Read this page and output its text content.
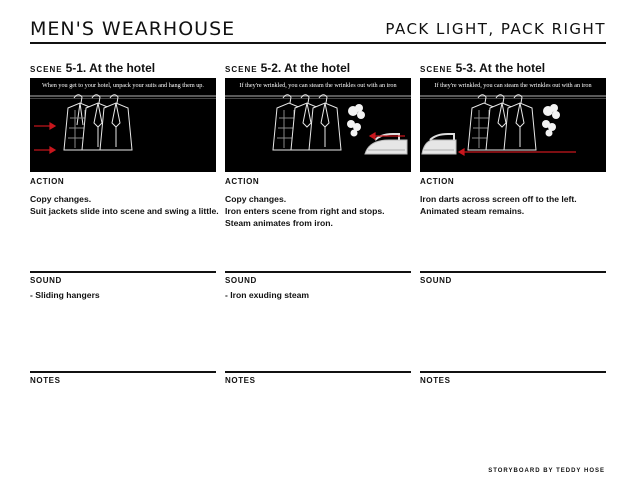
MEN'S WEARHOUSE	PACK LIGHT, PACK RIGHT
SCENE 5-1. At the hotel
When you get to your hotel, unpack your suits and hang them up.
ACTION
Copy changes.
Suit jackets slide into scene and swing a little.
SOUND
- Sliding hangers
NOTES
SCENE 5-2. At the hotel
If they're wrinkled, you can steam the wrinkles out with an iron
ACTION
Copy changes.
Iron enters scene from right and stops.
Steam animates from iron.
SOUND
- Iron exuding steam
NOTES
SCENE 5-3. At the hotel
If they're wrinkled, you can steam the wrinkles out with an iron
ACTION
Iron darts across screen off to the left.
Animated steam remains.
SOUND
NOTES
STORYBOARD BY TEDDY HOSE
